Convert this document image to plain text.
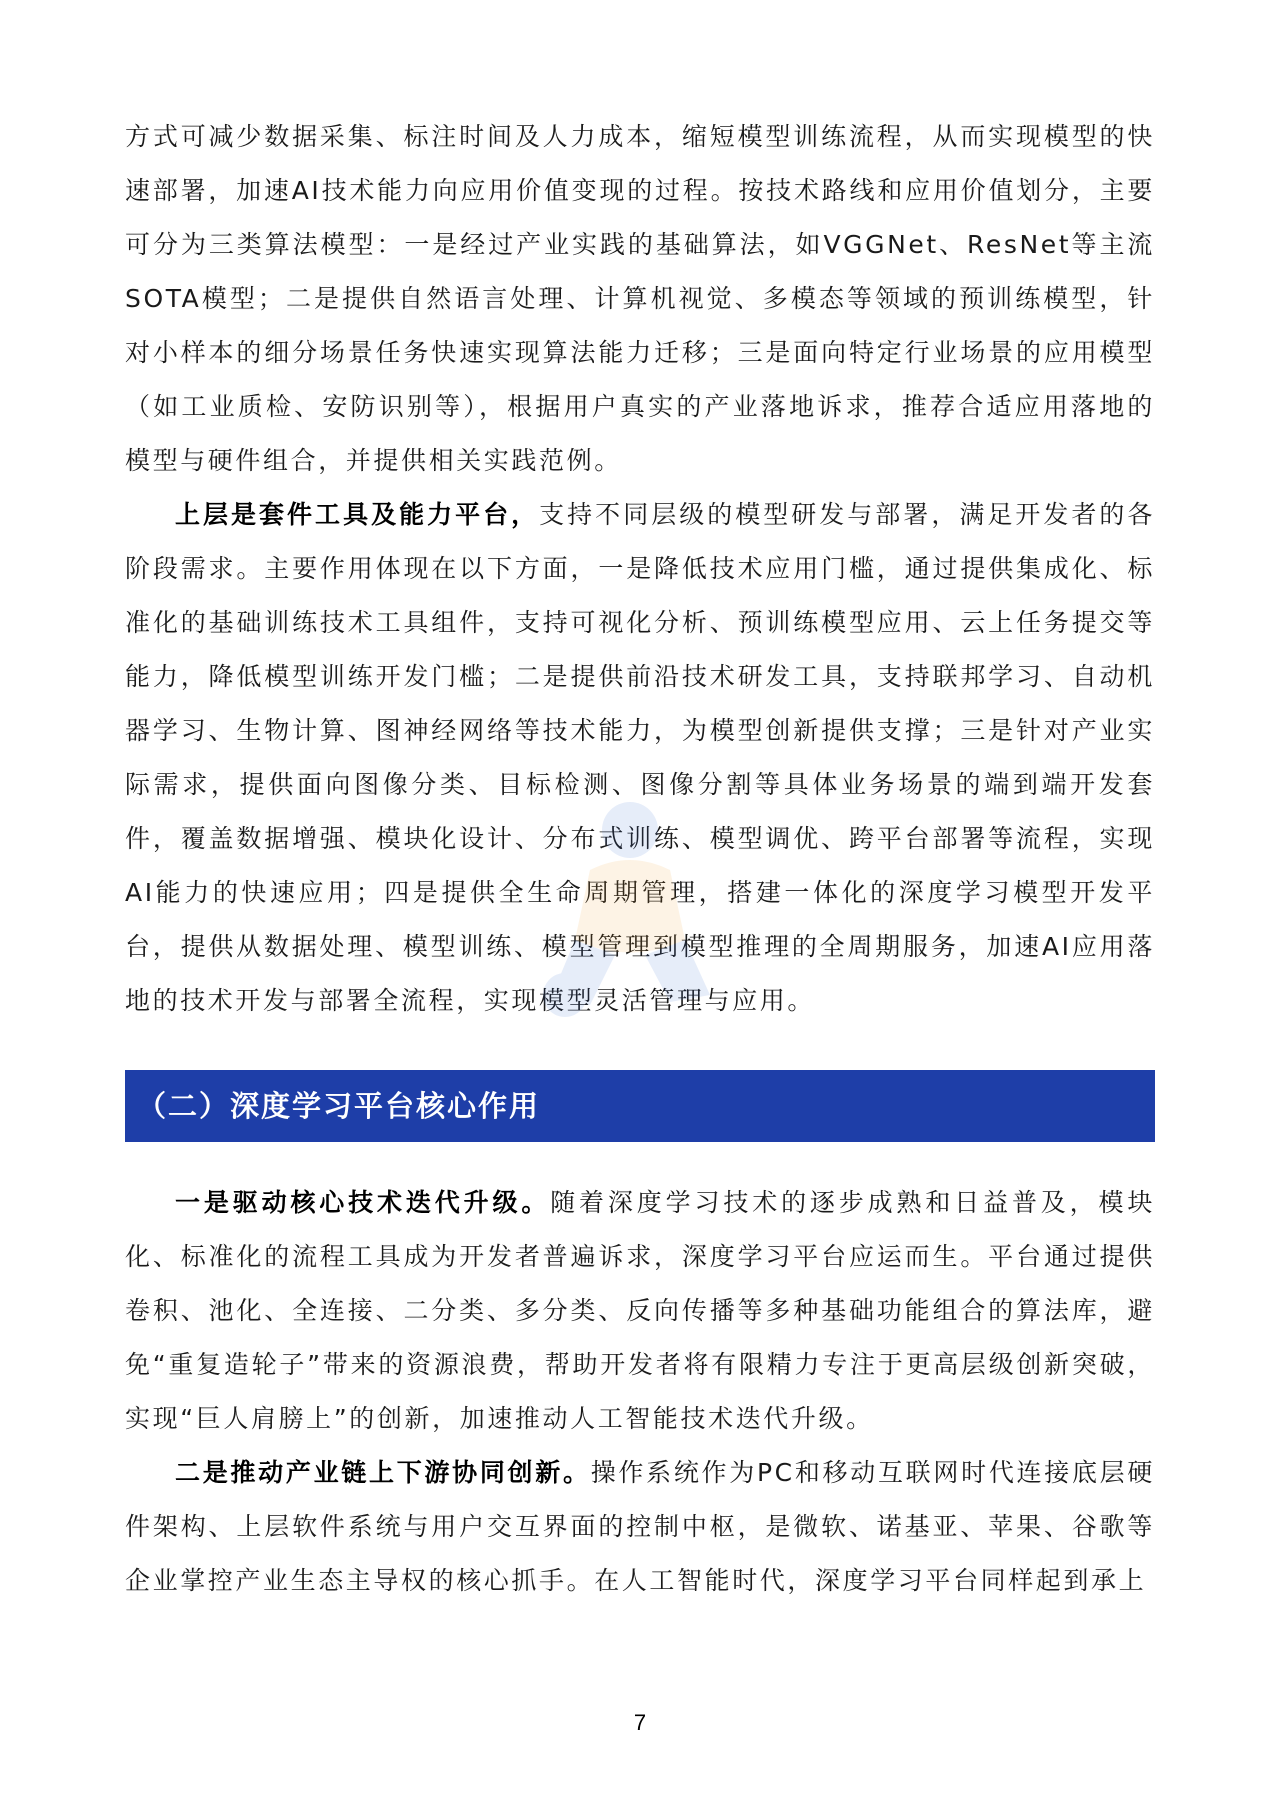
方式可减少数据采集、标注时间及人力成本，缩短模型训练流程，从而实现模型的快速部署，加速AI技术能力向应用价值变现的过程。按技术路线和应用价值划分，主要可分为三类算法模型：一是经过产业实践的基础算法，如VGGNet、ResNet等主流SOTA模型；二是提供自然语言处理、计算机视觉、多模态等领域的预训练模型，针对小样本的细分场景任务快速实现算法能力迁移；三是面向特定行业场景的应用模型（如工业质检、安防识别等），根据用户真实的产业落地诉求，推荐合适应用落地的模型与硬件组合，并提供相关实践范例。

上层是套件工具及能力平台，支持不同层级的模型研发与部署，满足开发者的各阶段需求。主要作用体现在以下方面，一是降低技术应用门槛，通过提供集成化、标准化的基础训练技术工具组件，支持可视化分析、预训练模型应用、云上任务提交等能力，降低模型训练开发门槛；二是提供前沿技术研发工具，支持联邦学习、自动机器学习、生物计算、图神经网络等技术能力，为模型创新提供支撑；三是针对产业实际需求，提供面向图像分类、目标检测、图像分割等具体业务场景的端到端开发套件，覆盖数据增强、模块化设计、分布式训练、模型调优、跨平台部署等流程，实现AI能力的快速应用；四是提供全生命周期管理，搭建一体化的深度学习模型开发平台，提供从数据处理、模型训练、模型管理到模型推理的全周期服务，加速AI应用落地的技术开发与部署全流程，实现模型灵活管理与应用。

（二）深度学习平台核心作用

一是驱动核心技术迭代升级。随着深度学习技术的逐步成熟和日益普及，模块化、标准化的流程工具成为开发者普遍诉求，深度学习平台应运而生。平台通过提供卷积、池化、全连接、二分类、多分类、反向传播等多种基础功能组合的算法库，避免“重复造轮子”带来的资源浪费，帮助开发者将有限精力专注于更高层级创新突破，实现“巨人肩膀上”的创新，加速推动人工智能技术迭代升级。

二是推动产业链上下游协同创新。操作系统作为PC和移动互联网时代连接底层硬件架构、上层软件系统与用户交互界面的控制中枢，是微软、诺基亚、苹果、谷歌等企业掌控产业生态主导权的核心抓手。在人工智能时代，深度学习平台同样起到承上

7
